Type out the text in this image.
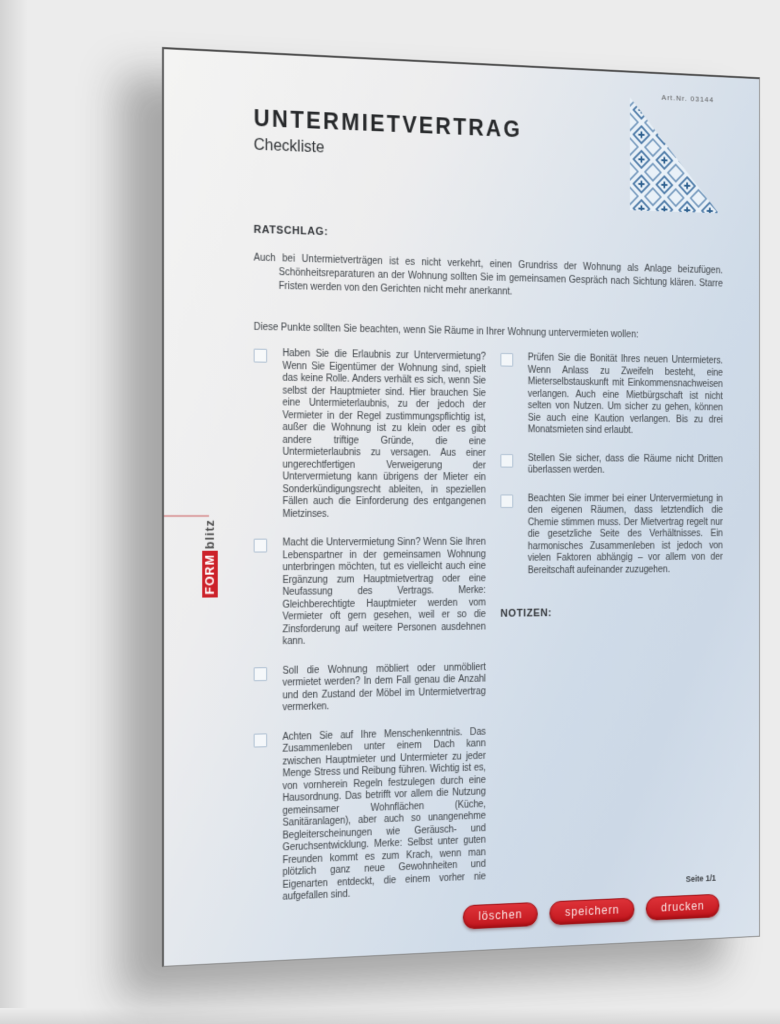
Art.Nr. 03144
UNTERMIETVERTRAG
Checkliste
RATSCHLAG:

Auch bei Untermietverträgen ist es nicht verkehrt, einen Grundriss der Wohnung als Anlage beizufügen. Schönheitsreparaturen an der Wohnung sollten Sie im gemeinsamen Gespräch nach Sichtung klären. Starre Fristen werden von den Gerichten nicht mehr anerkannt.

Diese Punkte sollten Sie beachten, wenn Sie Räume in Ihrer Wohnung untervermieten wollen:

Haben Sie die Erlaubnis zur Untervermietung? Wenn Sie Eigentümer der Wohnung sind, spielt das keine Rolle. Anders verhält es sich, wenn Sie selbst der Hauptmieter sind. Hier brauchen Sie eine Untermieterlaubnis, zu der jedoch der Vermieter in der Regel zustimmungspflichtig ist, außer die Wohnung ist zu klein oder es gibt andere triftige Gründe, die eine Untermieterlaubnis zu versagen. Aus einer ungerechtfertigen Verweigerung der Untervermietung kann übrigens der Mieter ein Sonderkündigungsrecht ableiten, in speziellen Fällen auch die Einforderung des entgangenen Mietzinses.

Macht die Untervermietung Sinn? Wenn Sie Ihren Lebenspartner in der gemeinsamen Wohnung unterbringen möchten, tut es vielleicht auch eine Ergänzung zum Hauptmietvertrag oder eine Neufassung des Vertrags. Merke: Gleichberechtigte Hauptmieter werden vom Vermieter oft gern gesehen, weil er so die Zinsforderung auf weitere Personen ausdehnen kann.

Soll die Wohnung möbliert oder unmöbliert vermietet werden? In dem Fall genau die Anzahl und den Zustand der Möbel im Untermietvertrag vermerken.

Achten Sie auf Ihre Menschenkenntnis. Das Zusammenleben unter einem Dach kann zwischen Hauptmieter und Untermieter zu jeder Menge Stress und Reibung führen. Wichtig ist es, von vornherein Regeln festzulegen durch eine Hausordnung. Das betrifft vor allem die Nutzung gemeinsamer Wohnflächen (Küche, Sanitäranlagen), aber auch so unangenehme Begleiterscheinungen wie Geräusch- und Geruchsentwicklung. Merke: Selbst unter guten Freunden kommt es zum Krach, wenn man plötzlich ganz neue Gewohnheiten und Eigenarten entdeckt, die einem vorher nie aufgefallen sind.

Prüfen Sie die Bonität Ihres neuen Untermieters. Wenn Anlass zu Zweifeln besteht, eine Mieterselbstauskunft mit Einkommensnachweisen verlangen. Auch eine Mietbürgschaft ist nicht selten von Nutzen. Um sicher zu gehen, können Sie auch eine Kaution verlangen. Bis zu drei Monatsmieten sind erlaubt.

Stellen Sie sicher, dass die Räume nicht Dritten überlassen werden.

Beachten Sie immer bei einer Untervermietung in den eigenen Räumen, dass letztendlich die Chemie stimmen muss. Der Mietvertrag regelt nur die gesetzliche Seite des Verhältnisses. Ein harmonisches Zusammenleben ist jedoch von vielen Faktoren abhängig – vor allem von der Bereitschaft aufeinander zuzugehen.

NOTIZEN:
FORMblitz
Seite 1/1
löschen	speichern	drucken
